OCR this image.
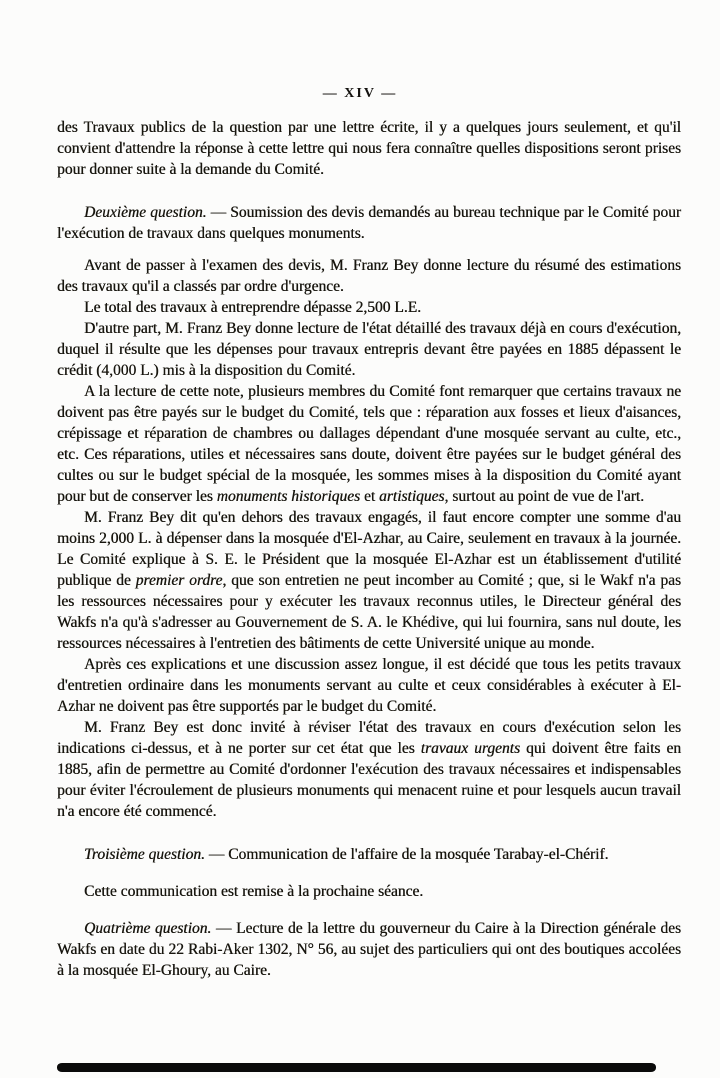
— XIV —

des Travaux publics de la question par une lettre écrite, il y a quelques jours seulement, et qu'il convient d'attendre la réponse à cette lettre qui nous fera connaître quelles dispositions seront prises pour donner suite à la demande du Comité.

Deuxième question. — Soumission des devis demandés au bureau technique par le Comité pour l'exécution de travaux dans quelques monuments.

Avant de passer à l'examen des devis, M. Franz Bey donne lecture du résumé des estimations des travaux qu'il a classés par ordre d'urgence.

Le total des travaux à entreprendre dépasse 2,500 L.E.

D'autre part, M. Franz Bey donne lecture de l'état détaillé des travaux déjà en cours d'exécution, duquel il résulte que les dépenses pour travaux entrepris devant être payées en 1885 dépassent le crédit (4,000 L.) mis à la disposition du Comité.

A la lecture de cette note, plusieurs membres du Comité font remarquer que certains travaux ne doivent pas être payés sur le budget du Comité, tels que : réparation aux fosses et lieux d'aisances, crépissage et réparation de chambres ou dallages dépendant d'une mosquée servant au culte, etc., etc. Ces réparations, utiles et nécessaires sans doute, doivent être payées sur le budget général des cultes ou sur le budget spécial de la mosquée, les sommes mises à la disposition du Comité ayant pour but de conserver les monuments historiques et artistiques, surtout au point de vue de l'art.

M. Franz Bey dit qu'en dehors des travaux engagés, il faut encore compter une somme d'au moins 2,000 L. à dépenser dans la mosquée d'El-Azhar, au Caire, seulement en travaux à la journée. Le Comité explique à S. E. le Président que la mosquée El-Azhar est un établissement d'utilité publique de premier ordre, que son entretien ne peut incomber au Comité ; que, si le Wakf n'a pas les ressources nécessaires pour y exécuter les travaux reconnus utiles, le Directeur général des Wakfs n'a qu'à s'adresser au Gouvernement de S. A. le Khédive, qui lui fournira, sans nul doute, les ressources nécessaires à l'entretien des bâtiments de cette Université unique au monde.

Après ces explications et une discussion assez longue, il est décidé que tous les petits travaux d'entretien ordinaire dans les monuments servant au culte et ceux considérables à exécuter à El-Azhar ne doivent pas être supportés par le budget du Comité.

M. Franz Bey est donc invité à réviser l'état des travaux en cours d'exécution selon les indications ci-dessus, et à ne porter sur cet état que les travaux urgents qui doivent être faits en 1885, afin de permettre au Comité d'ordonner l'exécution des travaux nécessaires et indispensables pour éviter l'écroulement de plusieurs monuments qui menacent ruine et pour lesquels aucun travail n'a encore été commencé.

Troisième question. — Communication de l'affaire de la mosquée Tarabay-el-Chérif.

Cette communication est remise à la prochaine séance.

Quatrième question. — Lecture de la lettre du gouverneur du Caire à la Direction générale des Wakfs en date du 22 Rabi-Aker 1302, N° 56, au sujet des particuliers qui ont des boutiques accolées à la mosquée El-Ghoury, au Caire.
